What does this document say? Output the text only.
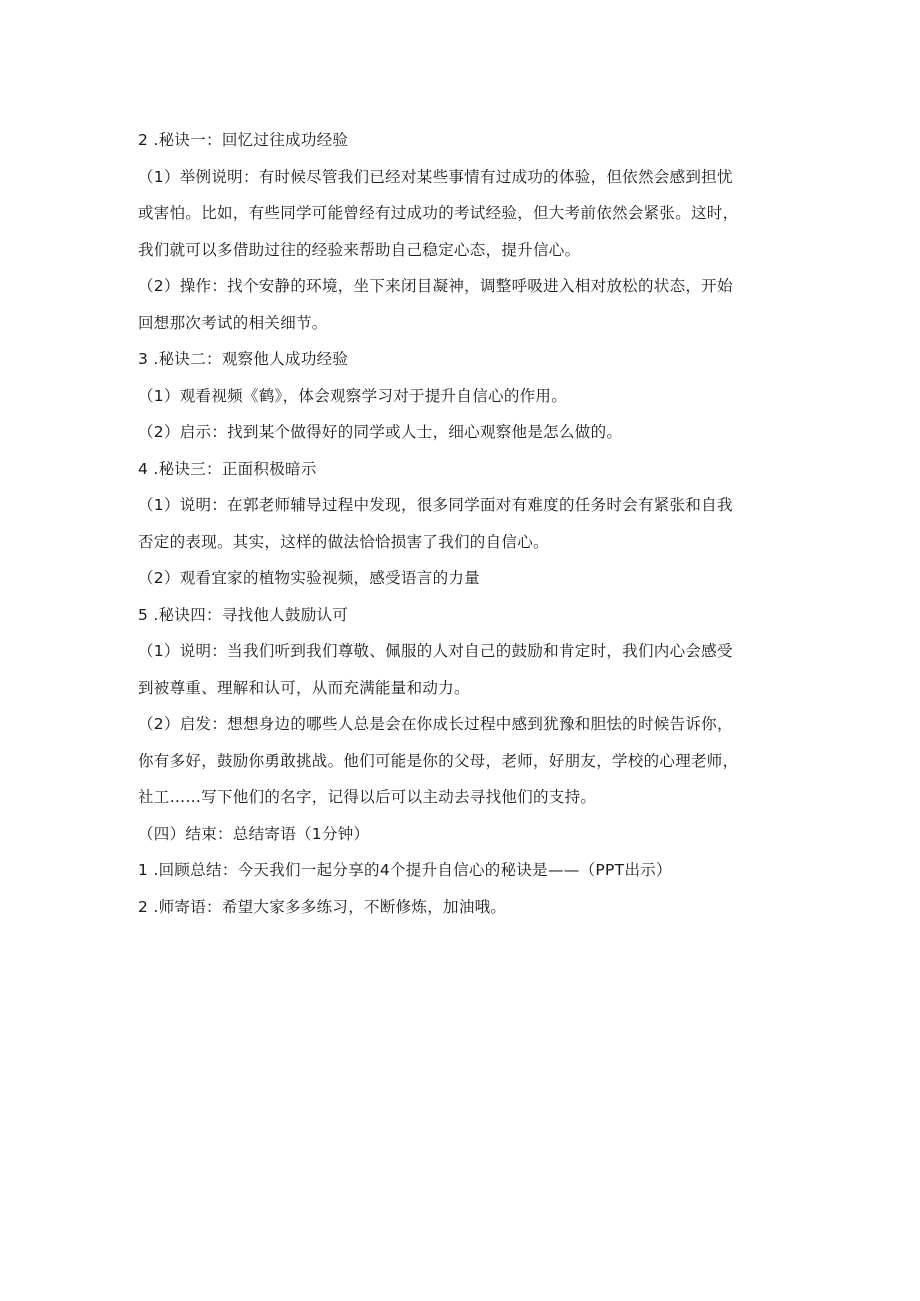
2 .秘诀一：回忆过往成功经验
（1）举例说明：有时候尽管我们已经对某些事情有过成功的体验，但依然会感到担忧
或害怕。比如，有些同学可能曾经有过成功的考试经验，但大考前依然会紧张。这时，
我们就可以多借助过往的经验来帮助自己稳定心态，提升信心。
（2）操作：找个安静的环境，坐下来闭目凝神，调整呼吸进入相对放松的状态，开始
回想那次考试的相关细节。
3 .秘诀二：观察他人成功经验
（1）观看视频《鹤》，体会观察学习对于提升自信心的作用。
（2）启示：找到某个做得好的同学或人士，细心观察他是怎么做的。
4 .秘诀三：正面积极暗示
（1）说明：在郭老师辅导过程中发现，很多同学面对有难度的任务时会有紧张和自我
否定的表现。其实，这样的做法恰恰损害了我们的自信心。
（2）观看宜家的植物实验视频，感受语言的力量
5 .秘诀四：寻找他人鼓励认可
（1）说明：当我们听到我们尊敬、佩服的人对自己的鼓励和肯定时，我们内心会感受
到被尊重、理解和认可，从而充满能量和动力。
（2）启发：想想身边的哪些人总是会在你成长过程中感到犹豫和胆怯的时候告诉你，
你有多好，鼓励你勇敢挑战。他们可能是你的父母，老师，好朋友，学校的心理老师，
社工……写下他们的名字，记得以后可以主动去寻找他们的支持。
（四）结束：总结寄语（1分钟）
1 .回顾总结：今天我们一起分享的4个提升自信心的秘诀是——（PPT出示）
2 .师寄语：希望大家多多练习，不断修炼，加油哦。
